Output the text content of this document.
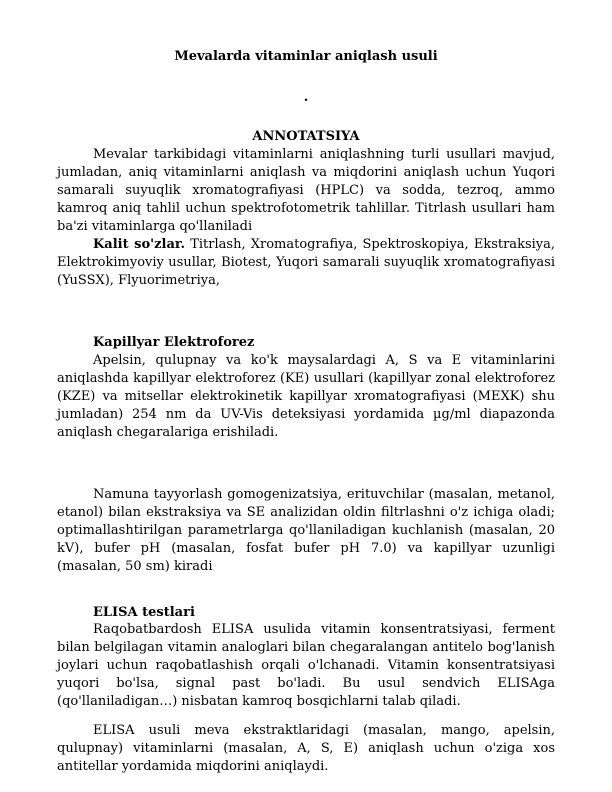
Mevalarda vitaminlar aniqlash usuli
.
ANNOTATSIYA
Mevalar tarkibidagi vitaminlarni aniqlashning turli usullari mavjud, jumladan, aniq vitaminlarni aniqlash va miqdorini aniqlash uchun Yuqori samarali suyuqlik xromatografiyasi (HPLC) va sodda, tezroq, ammo kamroq aniq tahlil uchun spektrofotometrik tahlillar. Titrlash usullari ham ba'zi vitaminlarga qo'llaniladi
Kalit so'zlar. Titrlash, Xromatografiya, Spektroskopiya, Ekstraksiya, Elektrokimyoviy usullar, Biotest, Yuqori samarali suyuqlik xromatografiyasi (YuSSX), Flyuorimetriya,
Kapillyar Elektroforez
Apelsin, qulupnay va ko'k maysalardagi A, S va E vitaminlarini aniqlashda kapillyar elektroforez (KE) usullari (kapillyar zonal elektroforez (KZE) va mitsellar elektrokinetik kapillyar xromatografiyasi (MEXK) shu jumladan) 254 nm da UV-Vis deteksiyasi yordamida µg/ml diapazonda aniqlash chegaralariga erishiladi.
Namuna tayyorlash gomogenizatsiya, erituvchilar (masalan, metanol, etanol) bilan ekstraksiya va SE analizidan oldin filtrlashni o'z ichiga oladi; optimallashtirilgan parametrlarga qo'llaniladigan kuchlanish (masalan, 20 kV), bufer pH (masalan, fosfat bufer pH 7.0) va kapillyar uzunligi (masalan, 50 sm) kiradi
ELISA testlari
Raqobatbardosh ELISA usulida vitamin konsentratsiyasi, ferment bilan belgilagan vitamin analoglari bilan chegaralangan antitelo bog'lanish joylari uchun raqobatlashish orqali o'lchanadi. Vitamin konsentratsiyasi yuqori bo'lsa, signal past bo'ladi. Bu usul sendvich ELISAga (qo'llaniladigan…) nisbatan kamroq bosqichlarni talab qiladi.
ELISA usuli meva ekstraktlaridagi (masalan, mango, apelsin, qulupnay) vitaminlarni (masalan, A, S, E) aniqlash uchun o'ziga xos antitellar yordamida miqdorini aniqlaydi.
